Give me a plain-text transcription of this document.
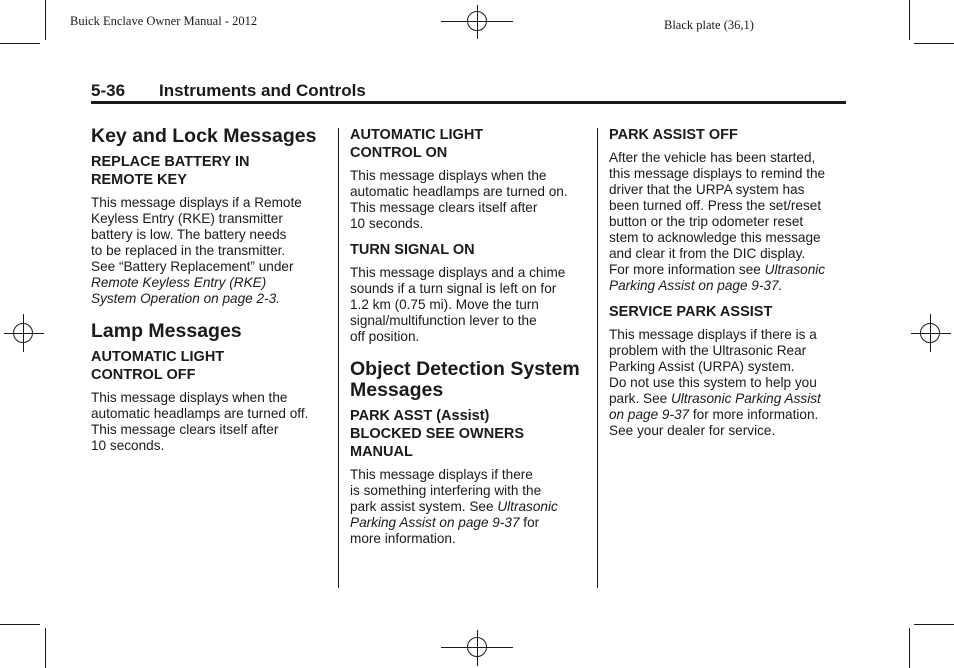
Buick Enclave Owner Manual - 2012	Black plate (36,1)
5-36 Instruments and Controls
Key and Lock Messages
REPLACE BATTERY IN
REMOTE KEY
This message displays if a Remote
Keyless Entry (RKE) transmitter
battery is low. The battery needs
to be replaced in the transmitter.
See “Battery Replacement” under
Remote Keyless Entry (RKE)
System Operation on page 2-3.
Lamp Messages
AUTOMATIC LIGHT
CONTROL OFF
This message displays when the
automatic headlamps are turned off.
This message clears itself after
10 seconds.
AUTOMATIC LIGHT
CONTROL ON
This message displays when the
automatic headlamps are turned on.
This message clears itself after
10 seconds.
TURN SIGNAL ON
This message displays and a chime
sounds if a turn signal is left on for
1.2 km (0.75 mi). Move the turn
signal/multifunction lever to the
off position.
Object Detection System
Messages
PARK ASST (Assist)
BLOCKED SEE OWNERS
MANUAL
This message displays if there
is something interfering with the
park assist system. See Ultrasonic
Parking Assist on page 9-37 for
more information.
PARK ASSIST OFF
After the vehicle has been started,
this message displays to remind the
driver that the URPA system has
been turned off. Press the set/reset
button or the trip odometer reset
stem to acknowledge this message
and clear it from the DIC display.
For more information see Ultrasonic
Parking Assist on page 9-37.
SERVICE PARK ASSIST
This message displays if there is a
problem with the Ultrasonic Rear
Parking Assist (URPA) system.
Do not use this system to help you
park. See Ultrasonic Parking Assist
on page 9-37 for more information.
See your dealer for service.
